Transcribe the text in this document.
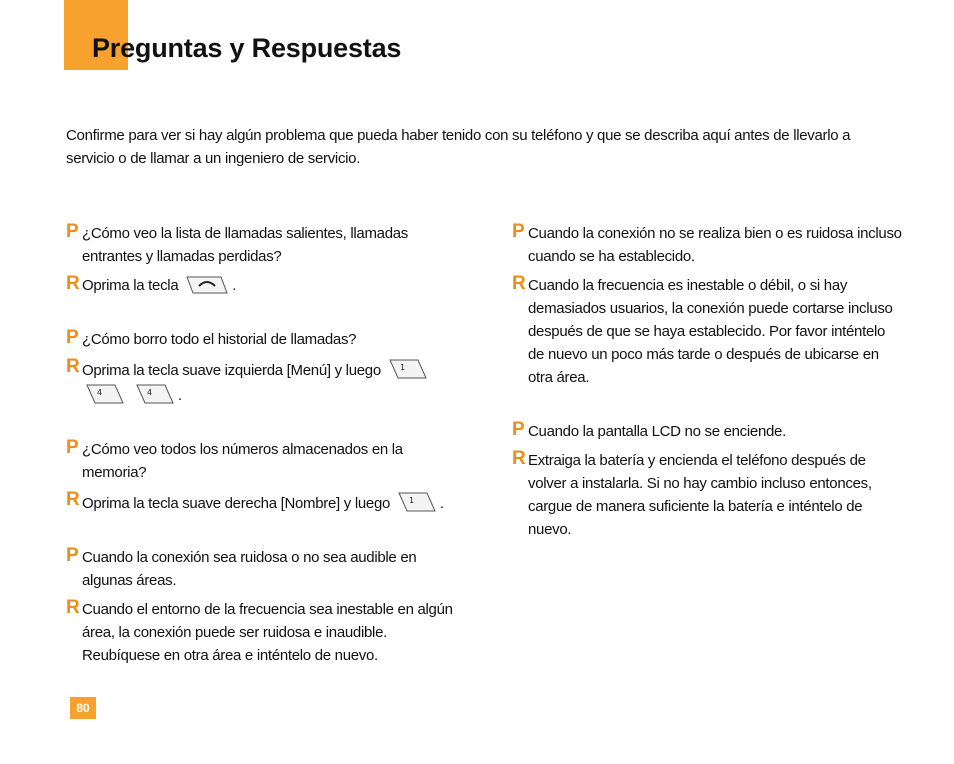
Preguntas y Respuestas

Confirme para ver si hay algún problema que pueda haber tenido con su teléfono y que se describa aquí antes de llevarlo a servicio o de llamar a un ingeniero de servicio.

P ¿Cómo veo la lista de llamadas salientes, llamadas entrantes y llamadas perdidas?
R Oprima la tecla	.
P ¿Cómo borro todo el historial de llamadas?
R Oprima la tecla suave izquierda [Menú] y luego 1

4
	4 .
P ¿Cómo veo todos los números almacenados en la memoria?
R Oprima la tecla suave derecha [Nombre] y luego 1 .
P Cuando la conexión sea ruidosa o no sea audible en algunas áreas.
R Cuando el entorno de la frecuencia sea inestable en algún área, la conexión puede ser ruidosa e inaudible. Reubíquese en otra área e inténtelo de nuevo.
P Cuando la conexión no se realiza bien o es ruidosa incluso cuando se ha establecido.
R Cuando la frecuencia es inestable o débil, o si hay demasiados usuarios, la conexión puede cortarse incluso después de que se haya establecido. Por favor inténtelo de nuevo un poco más tarde o después de ubicarse en otra área.
P Cuando la pantalla LCD no se enciende.
R Extraiga la batería y encienda el teléfono después de volver a instalarla. Si no hay cambio incluso entonces, cargue de manera suficiente la batería e inténtelo de nuevo.
80
